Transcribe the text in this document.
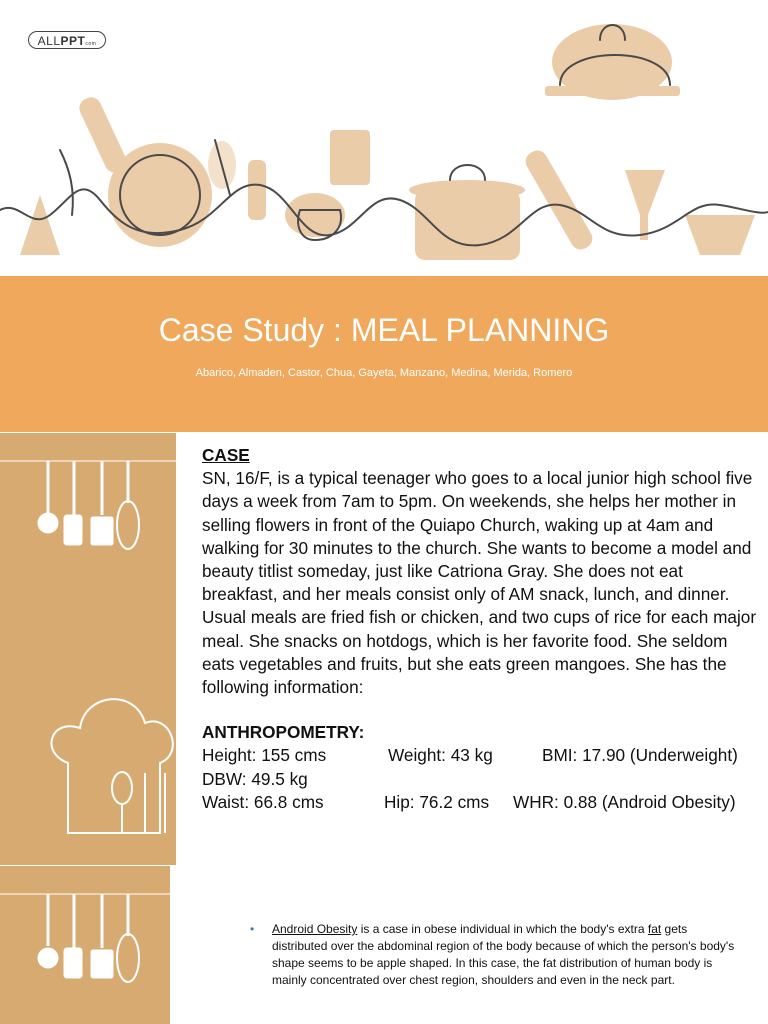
ALLPPTcom
Case Study : MEAL PLANNING
Abarico, Almaden, Castor, Chua, Gayeta, Manzano, Medina, Merida, Romero
CASE
SN, 16/F, is a typical teenager who goes to a local junior high school five days a week from 7am to 5pm. On weekends, she helps her mother in selling flowers in front of the Quiapo Church, waking up at 4am and walking for 30 minutes to the church. She wants to become a model and beauty titlist someday, just like Catriona Gray. She does not eat breakfast, and her meals consist only of AM snack, lunch, and dinner. Usual meals are fried fish or chicken, and two cups of rice for each major meal. She snacks on hotdogs, which is her favorite food. She seldom eats vegetables and fruits, but she eats green mangoes. She has the following information:
ANTHROPOMETRY:
Height: 155 cms	Weight: 43 kg	BMI: 17.90 (Underweight)
DBW: 49.5 kg
Waist: 66.8 cms	Hip: 76.2 cms	WHR: 0.88 (Android Obesity)
•	Android Obesity is a case in obese individual in which the body's extra fat gets distributed over the abdominal region of the body because of which the person's body's shape seems to be apple shaped. In this case, the fat distribution of human body is mainly concentrated over chest region, shoulders and even in the neck part.
